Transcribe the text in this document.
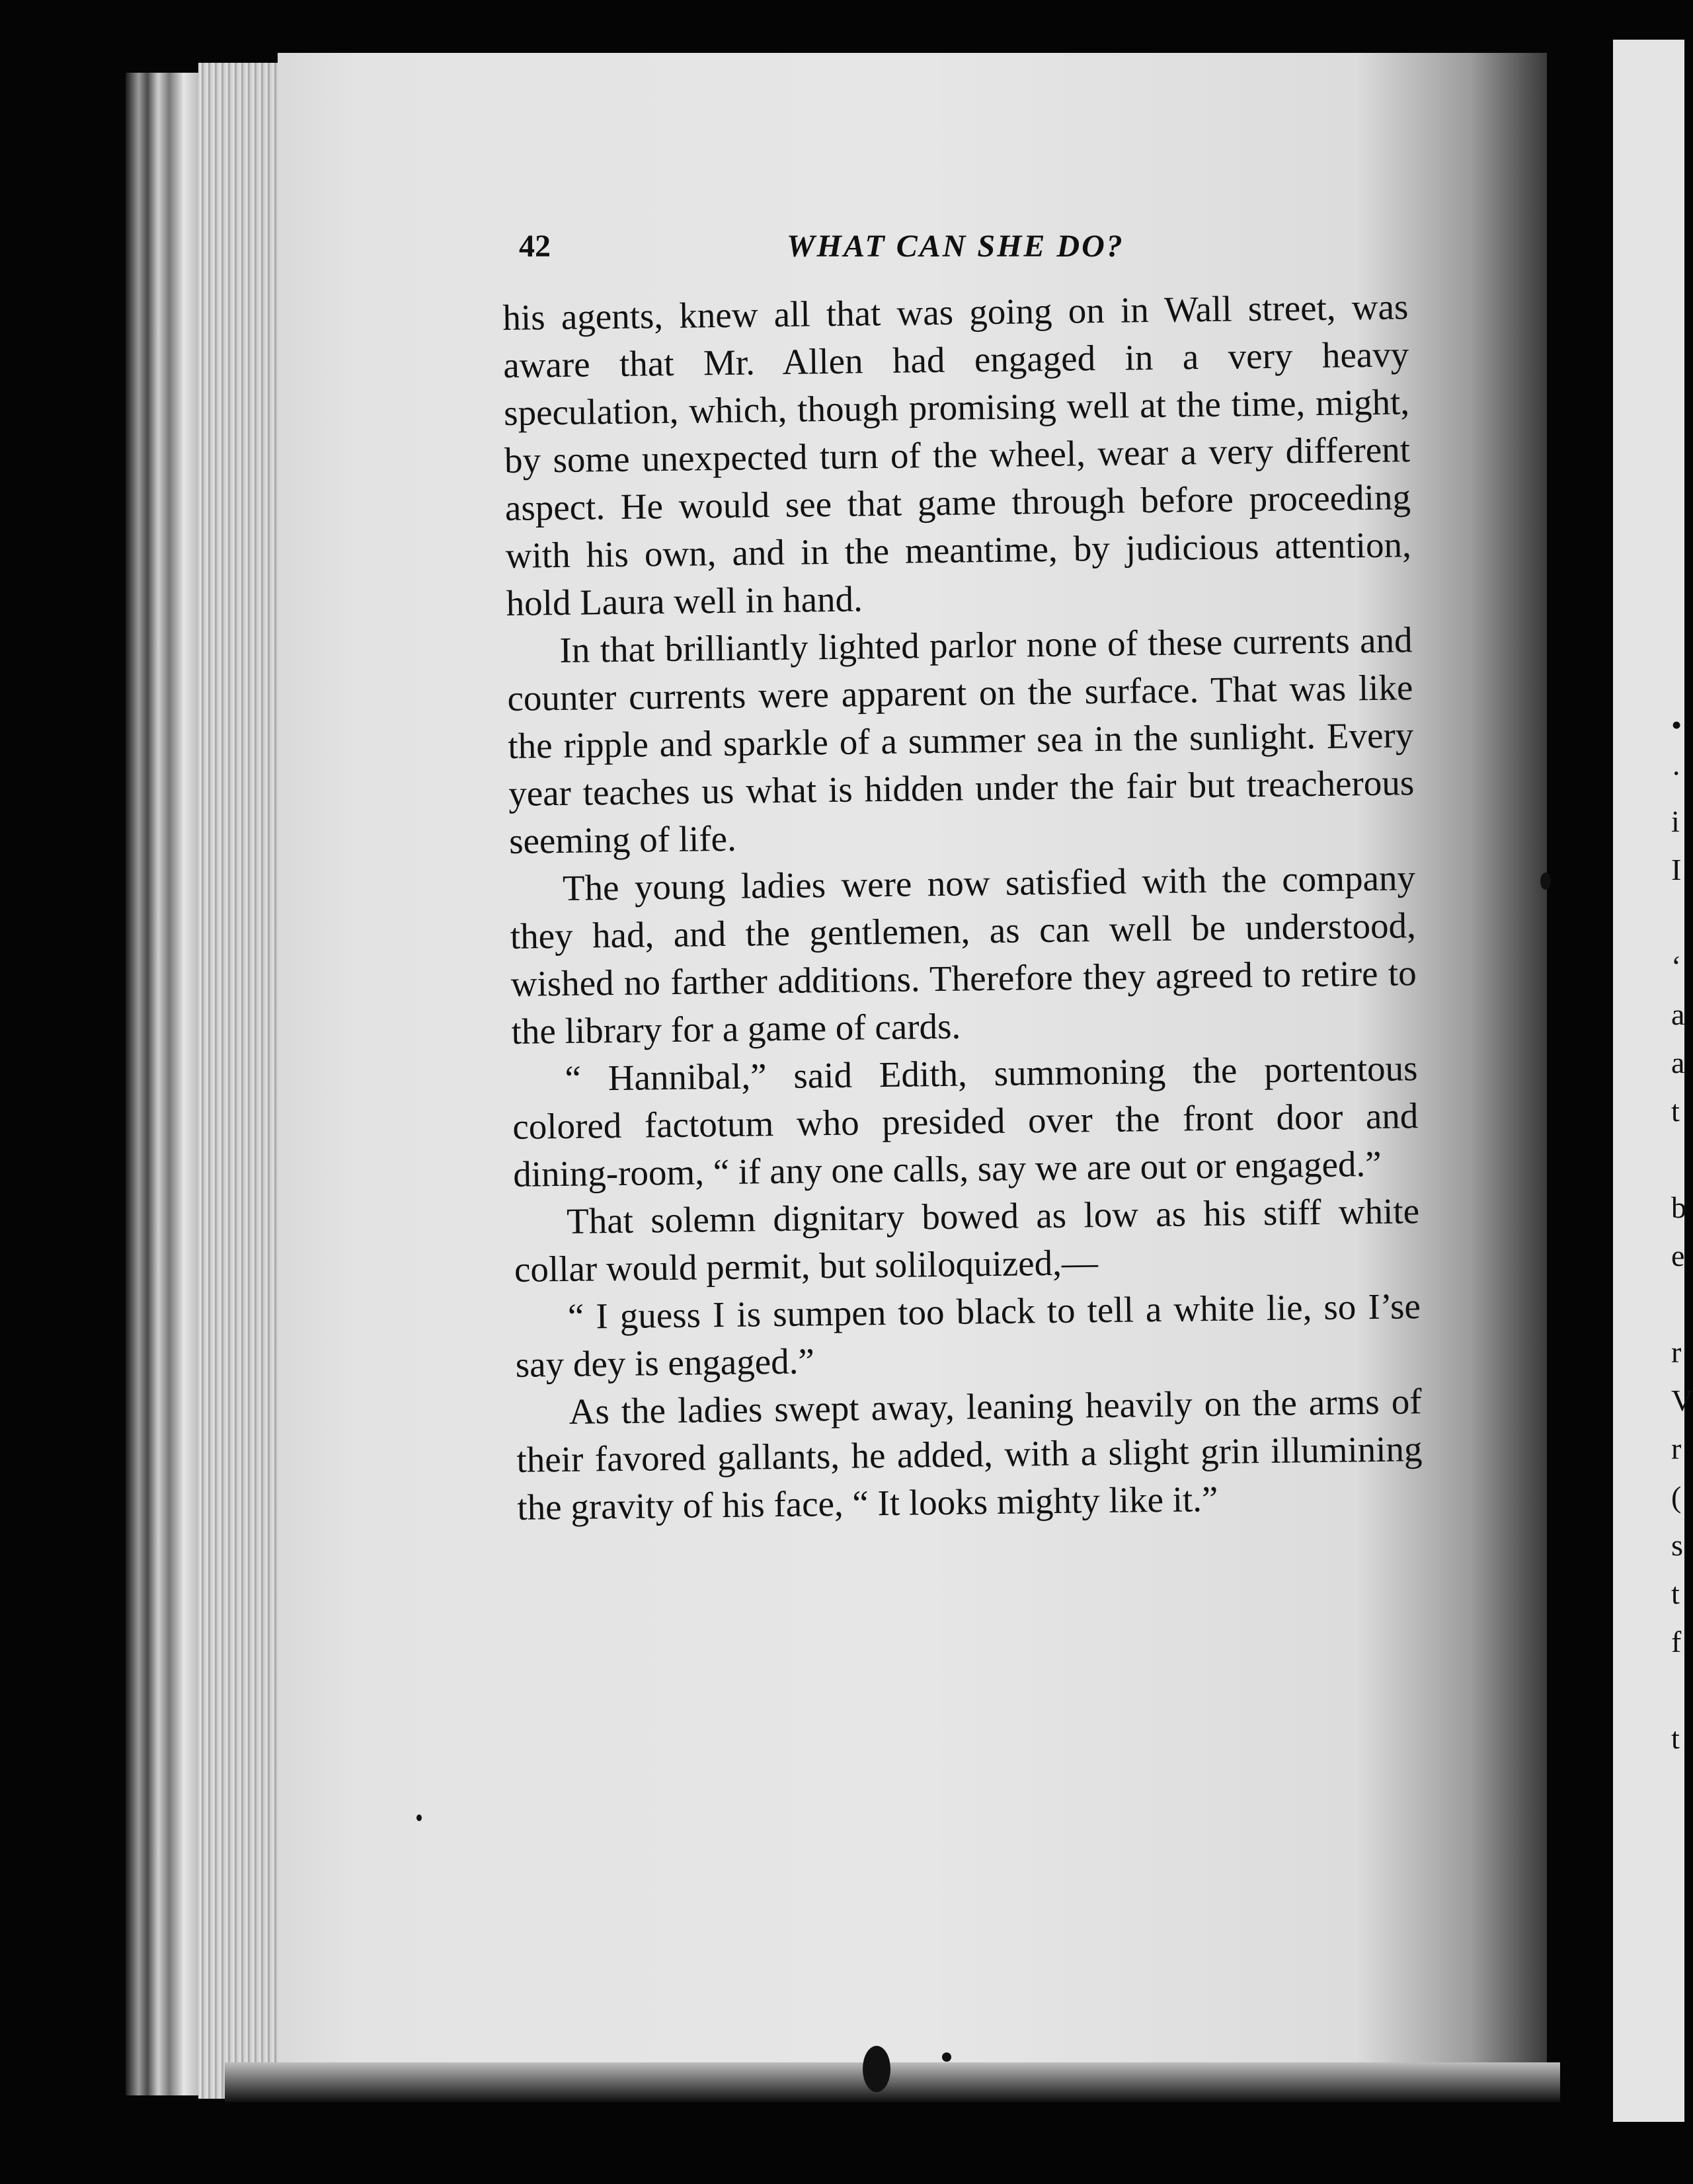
•
·
i
I

‘
a
a
t

b
e

r
V
r
(
s
t
f

t
42	WHAT CAN SHE DO?

his agents, knew all that was going on in Wall street, was aware that Mr. Allen had engaged in a very heavy speculation, which, though promising well at the time, might, by some unexpected turn of the wheel, wear a very different aspect. He would see that game through before proceeding with his own, and in the meantime, by judicious attention, hold Laura well in hand.

In that brilliantly lighted parlor none of these currents and counter currents were apparent on the surface. That was like the ripple and sparkle of a summer sea in the sunlight. Every year teaches us what is hidden under the fair but treacherous seeming of life.

The young ladies were now satisfied with the company they had, and the gentlemen, as can well be understood, wished no farther additions. Therefore they agreed to retire to the library for a game of cards.

“ Hannibal,” said Edith, summoning the portentous colored factotum who presided over the front door and dining-room, “ if any one calls, say we are out or engaged.”

That solemn dignitary bowed as low as his stiff white collar would permit, but soliloquized,—

“ I guess I is sumpen too black to tell a white lie, so I’se say dey is engaged.”

As the ladies swept away, leaning heavily on the arms of their favored gallants, he added, with a slight grin illumining the gravity of his face, “ It looks mighty like it.”
